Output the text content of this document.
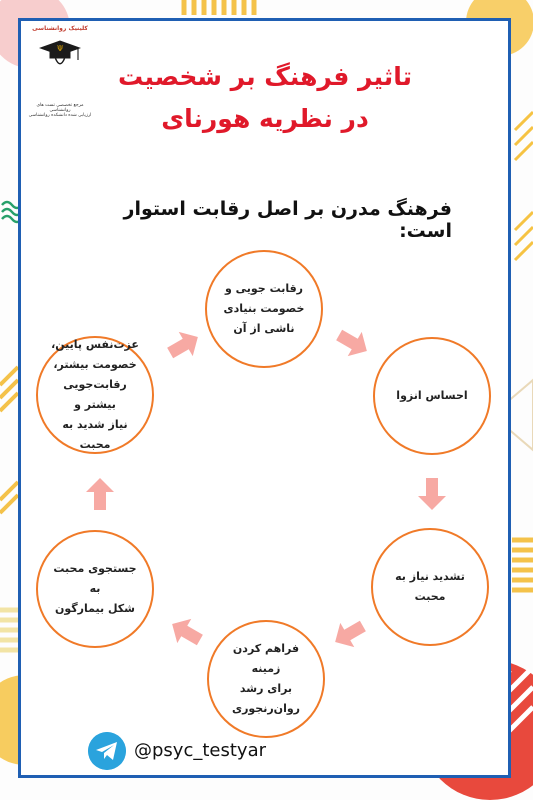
کلینیک روانشناسی
Ψ
مرجع تخصصی تست های روانشناسی
ارزیابی شده دانشکده روانشناسی
تاثیر فرهنگ بر شخصیت
در نظریه هورنای
فرهنگ مدرن بر اصل رقابت استوار است:
رقابت جویی و
خصومت بنیادی
ناشی از آن
احساس انزوا
تشدید نیاز به
محبت
فراهم کردن زمینه
برای رشد
روان‌رنجوری
جستجوی محبت به
شکل بیمارگون
عزت‌نفس پایین،
خصومت بیشتر،
رقابت‌جویی بیشتر و
نیاز شدید به محبت
@psyc_testyar
